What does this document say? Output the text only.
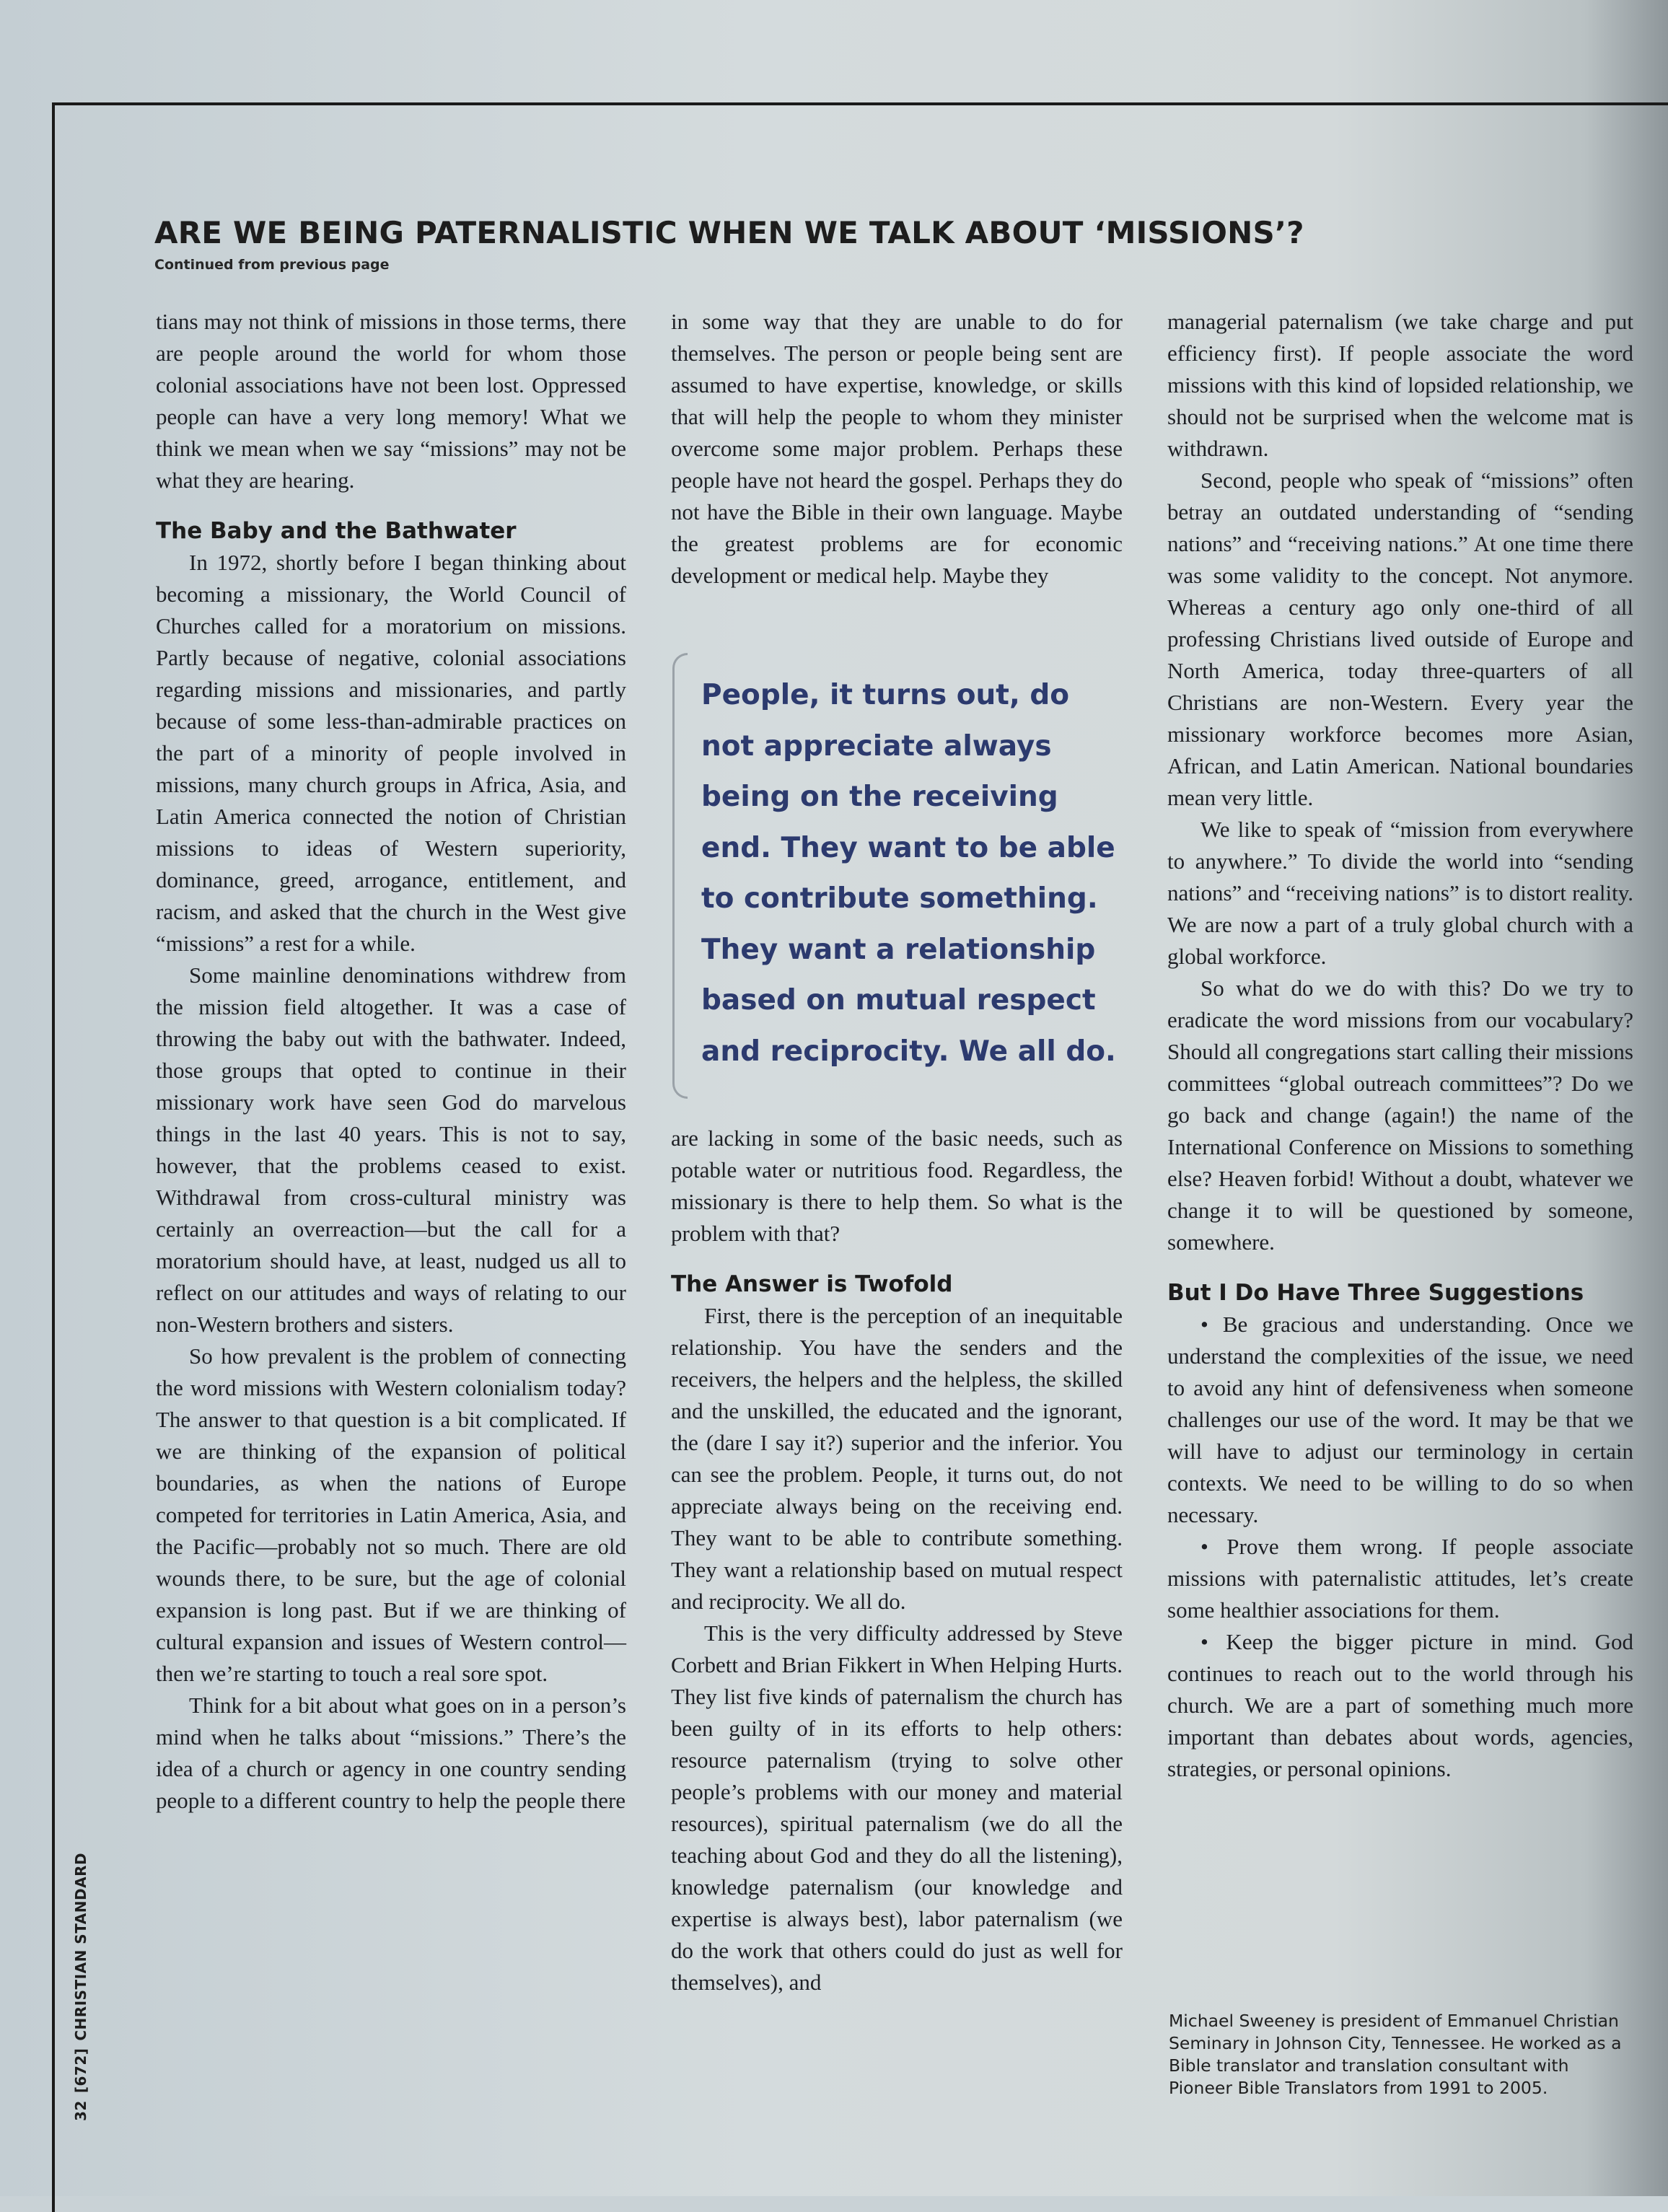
ARE WE BEING PATERNALISTIC WHEN WE TALK ABOUT ‘MISSIONS’?
Continued from previous page

tians may not think of missions in those terms, there are people around the world for whom those colonial associations have not been lost. Oppressed people can have a very long memory! What we think we mean when we say “missions” may not be what they are hearing.

The Baby and the Bathwater

In 1972, shortly before I began thinking about becoming a missionary, the World Council of Churches called for a moratorium on missions. Partly because of negative, colonial associations regarding missions and missionaries, and partly because of some less-than-admirable practices on the part of a minority of people involved in missions, many church groups in Africa, Asia, and Latin America connected the notion of Christian missions to ideas of Western superiority, dominance, greed, arrogance, entitlement, and racism, and asked that the church in the West give “missions” a rest for a while.

Some mainline denominations withdrew from the mission field altogether. It was a case of throwing the baby out with the bathwater. Indeed, those groups that opted to continue in their missionary work have seen God do marvelous things in the last 40 years. This is not to say, however, that the problems ceased to exist. Withdrawal from cross-cultural ministry was certainly an overreaction—but the call for a moratorium should have, at least, nudged us all to reflect on our attitudes and ways of relating to our non-Western brothers and sisters.

So how prevalent is the problem of connecting the word missions with Western colonialism today? The answer to that question is a bit complicated. If we are thinking of the expansion of political boundaries, as when the nations of Europe competed for territories in Latin America, Asia, and the Pacific—probably not so much. There are old wounds there, to be sure, but the age of colonial expansion is long past. But if we are thinking of cultural expansion and issues of Western control—then we’re starting to touch a real sore spot.

Think for a bit about what goes on in a person’s mind when he talks about “missions.” There’s the idea of a church or agency in one country sending people to a different country to help the people there

in some way that they are unable to do for themselves. The person or people being sent are assumed to have expertise, knowledge, or skills that will help the people to whom they minister overcome some major problem. Perhaps these people have not heard the gospel. Perhaps they do not have the Bible in their own language. Maybe the greatest problems are for economic development or medical help. Maybe they

People, it turns out, do not appreciate always being on the receiving end. They want to be able to contribute something. They want a relationship based on mutual respect and reciprocity. We all do.

are lacking in some of the basic needs, such as potable water or nutritious food. Regardless, the missionary is there to help them. So what is the problem with that?

The Answer is Twofold

First, there is the perception of an inequitable relationship. You have the senders and the receivers, the helpers and the helpless, the skilled and the unskilled, the educated and the ignorant, the (dare I say it?) superior and the inferior. You can see the problem. People, it turns out, do not appreciate always being on the receiving end. They want to be able to contribute something. They want a relationship based on mutual respect and reciprocity. We all do.

This is the very difficulty addressed by Steve Corbett and Brian Fikkert in When Helping Hurts. They list five kinds of paternalism the church has been guilty of in its efforts to help others: resource paternalism (trying to solve other people’s problems with our money and material resources), spiritual paternalism (we do all the teaching about God and they do all the listening), knowledge paternalism (our knowledge and expertise is always best), labor paternalism (we do the work that others could do just as well for themselves), and

managerial paternalism (we take charge and put efficiency first). If people associate the word missions with this kind of lopsided relationship, we should not be surprised when the welcome mat is withdrawn.

Second, people who speak of “missions” often betray an outdated understanding of “sending nations” and “receiving nations.” At one time there was some validity to the concept. Not anymore. Whereas a century ago only one-third of all professing Christians lived outside of Europe and North America, today three-quarters of all Christians are non-Western. Every year the missionary workforce becomes more Asian, African, and Latin American. National boundaries mean very little.

We like to speak of “mission from everywhere to anywhere.” To divide the world into “sending nations” and “receiving nations” is to distort reality. We are now a part of a truly global church with a global workforce.

So what do we do with this? Do we try to eradicate the word missions from our vocabulary? Should all congregations start calling their missions committees “global outreach committees”? Do we go back and change (again!) the name of the International Conference on Missions to something else? Heaven forbid! Without a doubt, whatever we change it to will be questioned by someone, somewhere.

But I Do Have Three Suggestions

• Be gracious and understanding. Once we understand the complexities of the issue, we need to avoid any hint of defensiveness when someone challenges our use of the word. It may be that we will have to adjust our terminology in certain contexts. We need to be willing to do so when necessary.

• Prove them wrong. If people associate missions with paternalistic attitudes, let’s create some healthier associations for them.

• Keep the bigger picture in mind. God continues to reach out to the world through his church. We are a part of something much more important than debates about words, agencies, strategies, or personal opinions.

Michael Sweeney is president of Emmanuel Christian Seminary in Johnson City, Tennessee. He worked as a Bible translator and translation consultant with Pioneer Bible Translators from 1991 to 2005.
32[672]CHRISTIAN STANDARD
